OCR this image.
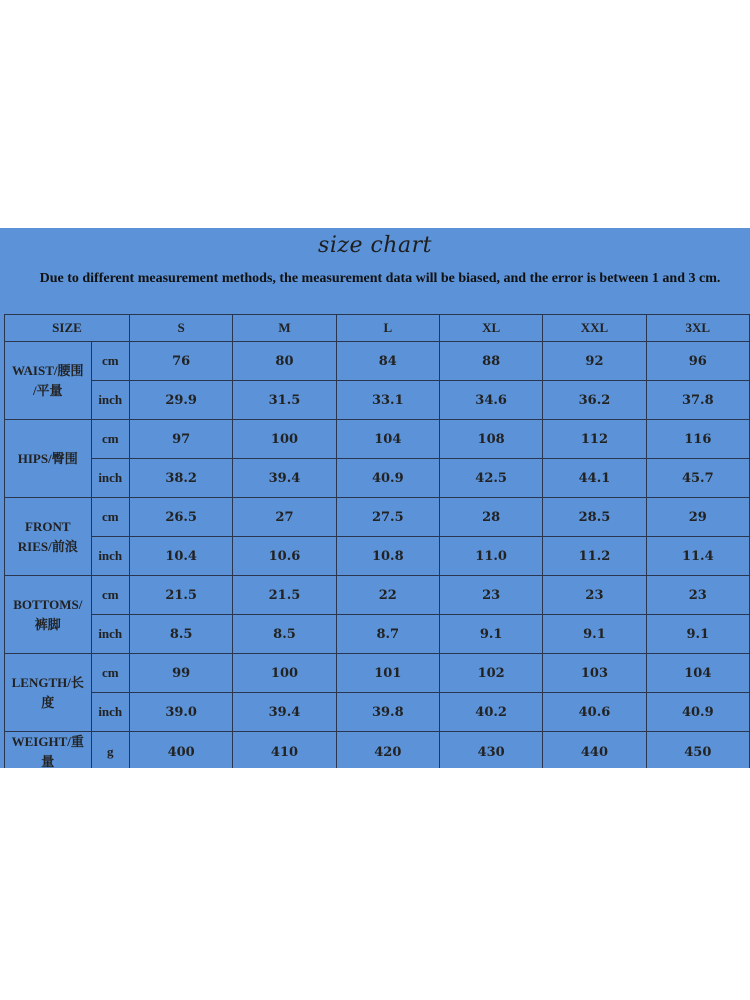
size chart
Due to different measurement methods, the measurement data will be biased, and the error is between 1 and 3 cm.
SIZE		S	M	L	XL	XXL	3XL

WAIST/腰围
/平量	cm	76	80	84	88	92	96
	inch	29.9	31.5	33.1	34.6	36.2	37.8

HIPS/臀围	cm	97	100	104	108	112	116
	inch	38.2	39.4	40.9	42.5	44.1	45.7

FRONT
RIES/前浪	cm	26.5	27	27.5	28	28.5	29
	inch	10.4	10.6	10.8	11.0	11.2	11.4

BOTTOMS/
裤脚	cm	21.5	21.5	22	23	23	23
	inch	8.5	8.5	8.7	9.1	9.1	9.1

LENGTH/长
度	cm	99	100	101	102	103	104
	inch	39.0	39.4	39.8	40.2	40.6	40.9

WEIGHT/重
量	g	400	410	420	430	440	450
